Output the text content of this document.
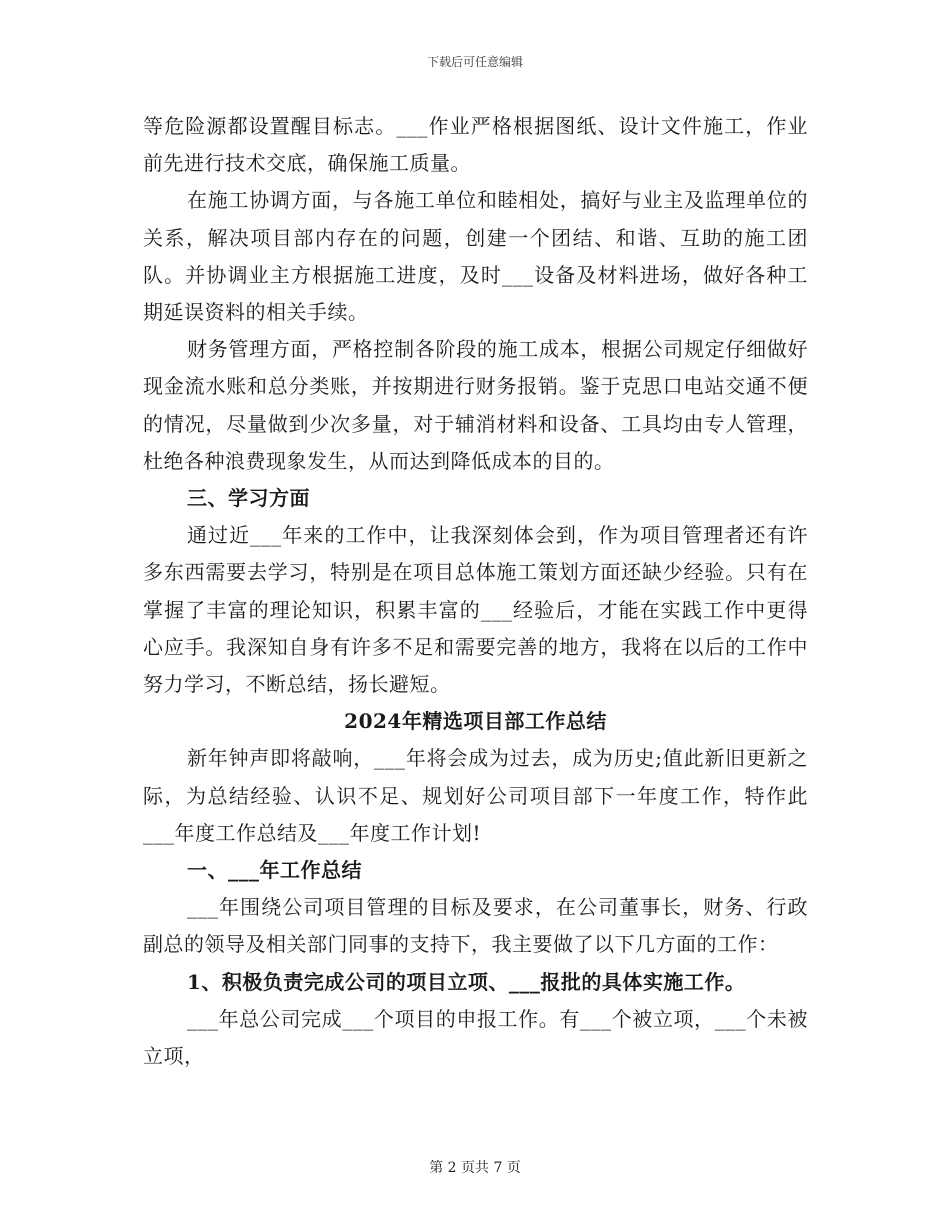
下载后可任意编辑

等危险源都设置醒目标志。___作业严格根据图纸、设计文件施工，作业前先进行技术交底，确保施工质量。

在施工协调方面，与各施工单位和睦相处，搞好与业主及监理单位的关系，解决项目部内存在的问题，创建一个团结、和谐、互助的施工团队。并协调业主方根据施工进度，及时___设备及材料进场，做好各种工期延误资料的相关手续。

财务管理方面，严格控制各阶段的施工成本，根据公司规定仔细做好现金流水账和总分类账，并按期进行财务报销。鉴于克思口电站交通不便的情况，尽量做到少次多量，对于辅消材料和设备、工具均由专人管理，杜绝各种浪费现象发生，从而达到降低成本的目的。

三、学习方面

通过近___年来的工作中，让我深刻体会到，作为项目管理者还有许多东西需要去学习，特别是在项目总体施工策划方面还缺少经验。只有在掌握了丰富的理论知识，积累丰富的___经验后，才能在实践工作中更得心应手。我深知自身有许多不足和需要完善的地方，我将在以后的工作中努力学习，不断总结，扬长避短。

2024年精选项目部工作总结

新年钟声即将敲响，___年将会成为过去，成为历史;值此新旧更新之际，为总结经验、认识不足、规划好公司项目部下一年度工作，特作此___年度工作总结及___年度工作计划!

一、___年工作总结

___年围绕公司项目管理的目标及要求，在公司董事长，财务、行政副总的领导及相关部门同事的支持下，我主要做了以下几方面的工作：

1、积极负责完成公司的项目立项、___报批的具体实施工作。

___年总公司完成___个项目的申报工作。有___个被立项，___个未被立项，

第 2 页共 7 页
